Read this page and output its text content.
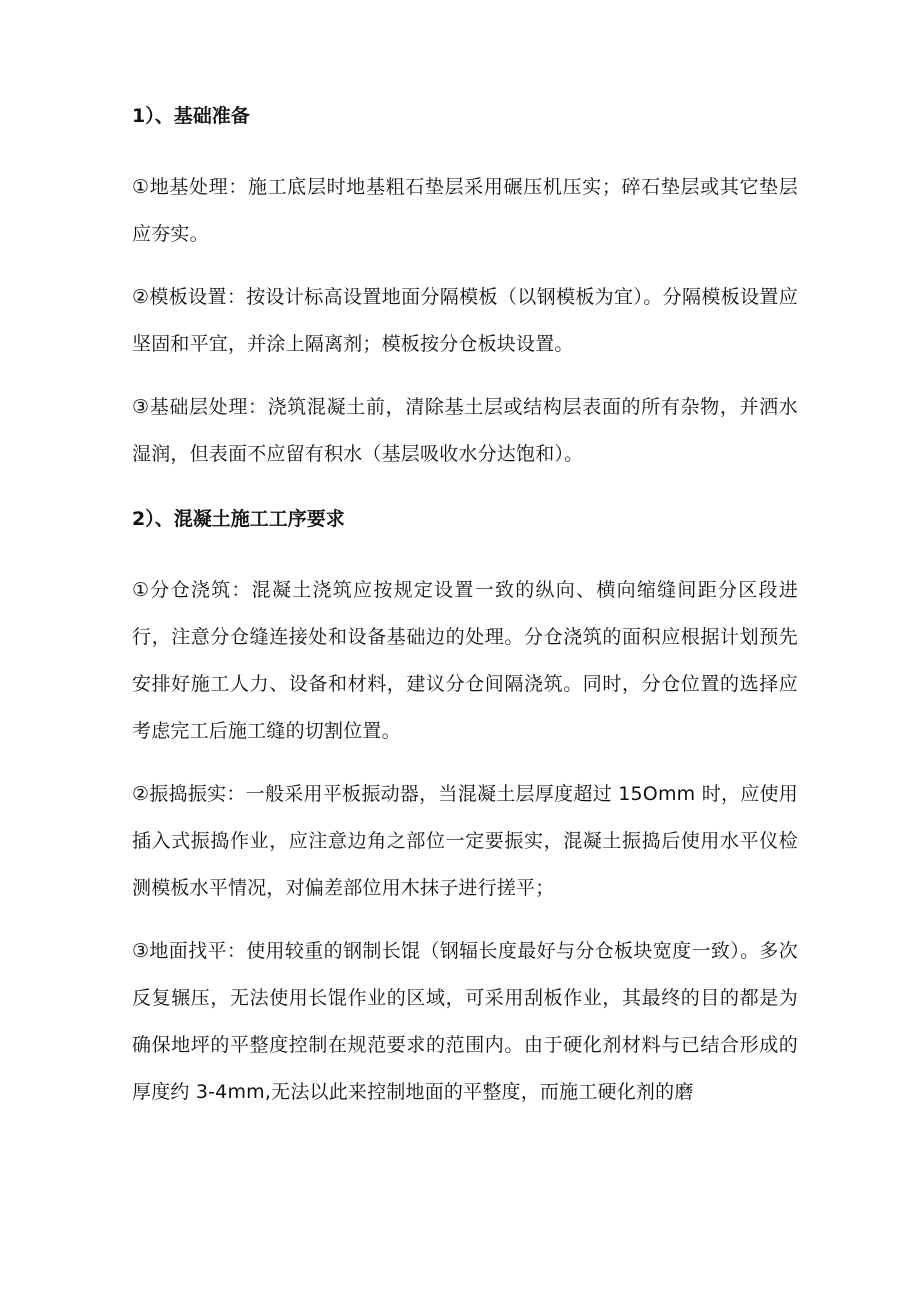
1）、基础准备

①地基处理：施工底层时地基粗石垫层采用碾压机压实；碎石垫层或其它垫层应夯实。

②模板设置：按设计标高设置地面分隔模板（以钢模板为宜）。分隔模板设置应坚固和平宜，并涂上隔离剂；模板按分仓板块设置。

③基础层处理：浇筑混凝土前，清除基土层或结构层表面的所有杂物，并洒水湿润，但表面不应留有积水（基层吸收水分达饱和）。

2）、混凝土施工工序要求

①分仓浇筑：混凝土浇筑应按规定设置一致的纵向、横向缩缝间距分区段进行，注意分仓缝连接处和设备基础边的处理。分仓浇筑的面积应根据计划预先安排好施工人力、设备和材料，建议分仓间隔浇筑。同时，分仓位置的选择应考虑完工后施工缝的切割位置。

②振捣振实：一般采用平板振动器，当混凝土层厚度超过 15Omm 时，应使用插入式振捣作业，应注意边角之部位一定要振实，混凝土振捣后使用水平仪检测模板水平情况，对偏差部位用木抹子进行搓平；

③地面找平：使用较重的钢制长馄（钢辐长度最好与分仓板块宽度一致）。多次反复辗压，无法使用长馄作业的区域，可采用刮板作业，其最终的目的都是为确保地坪的平整度控制在规范要求的范围内。由于硬化剂材料与已结合形成的厚度约 3-4mm,无法以此来控制地面的平整度，而施工硬化剂的磨
